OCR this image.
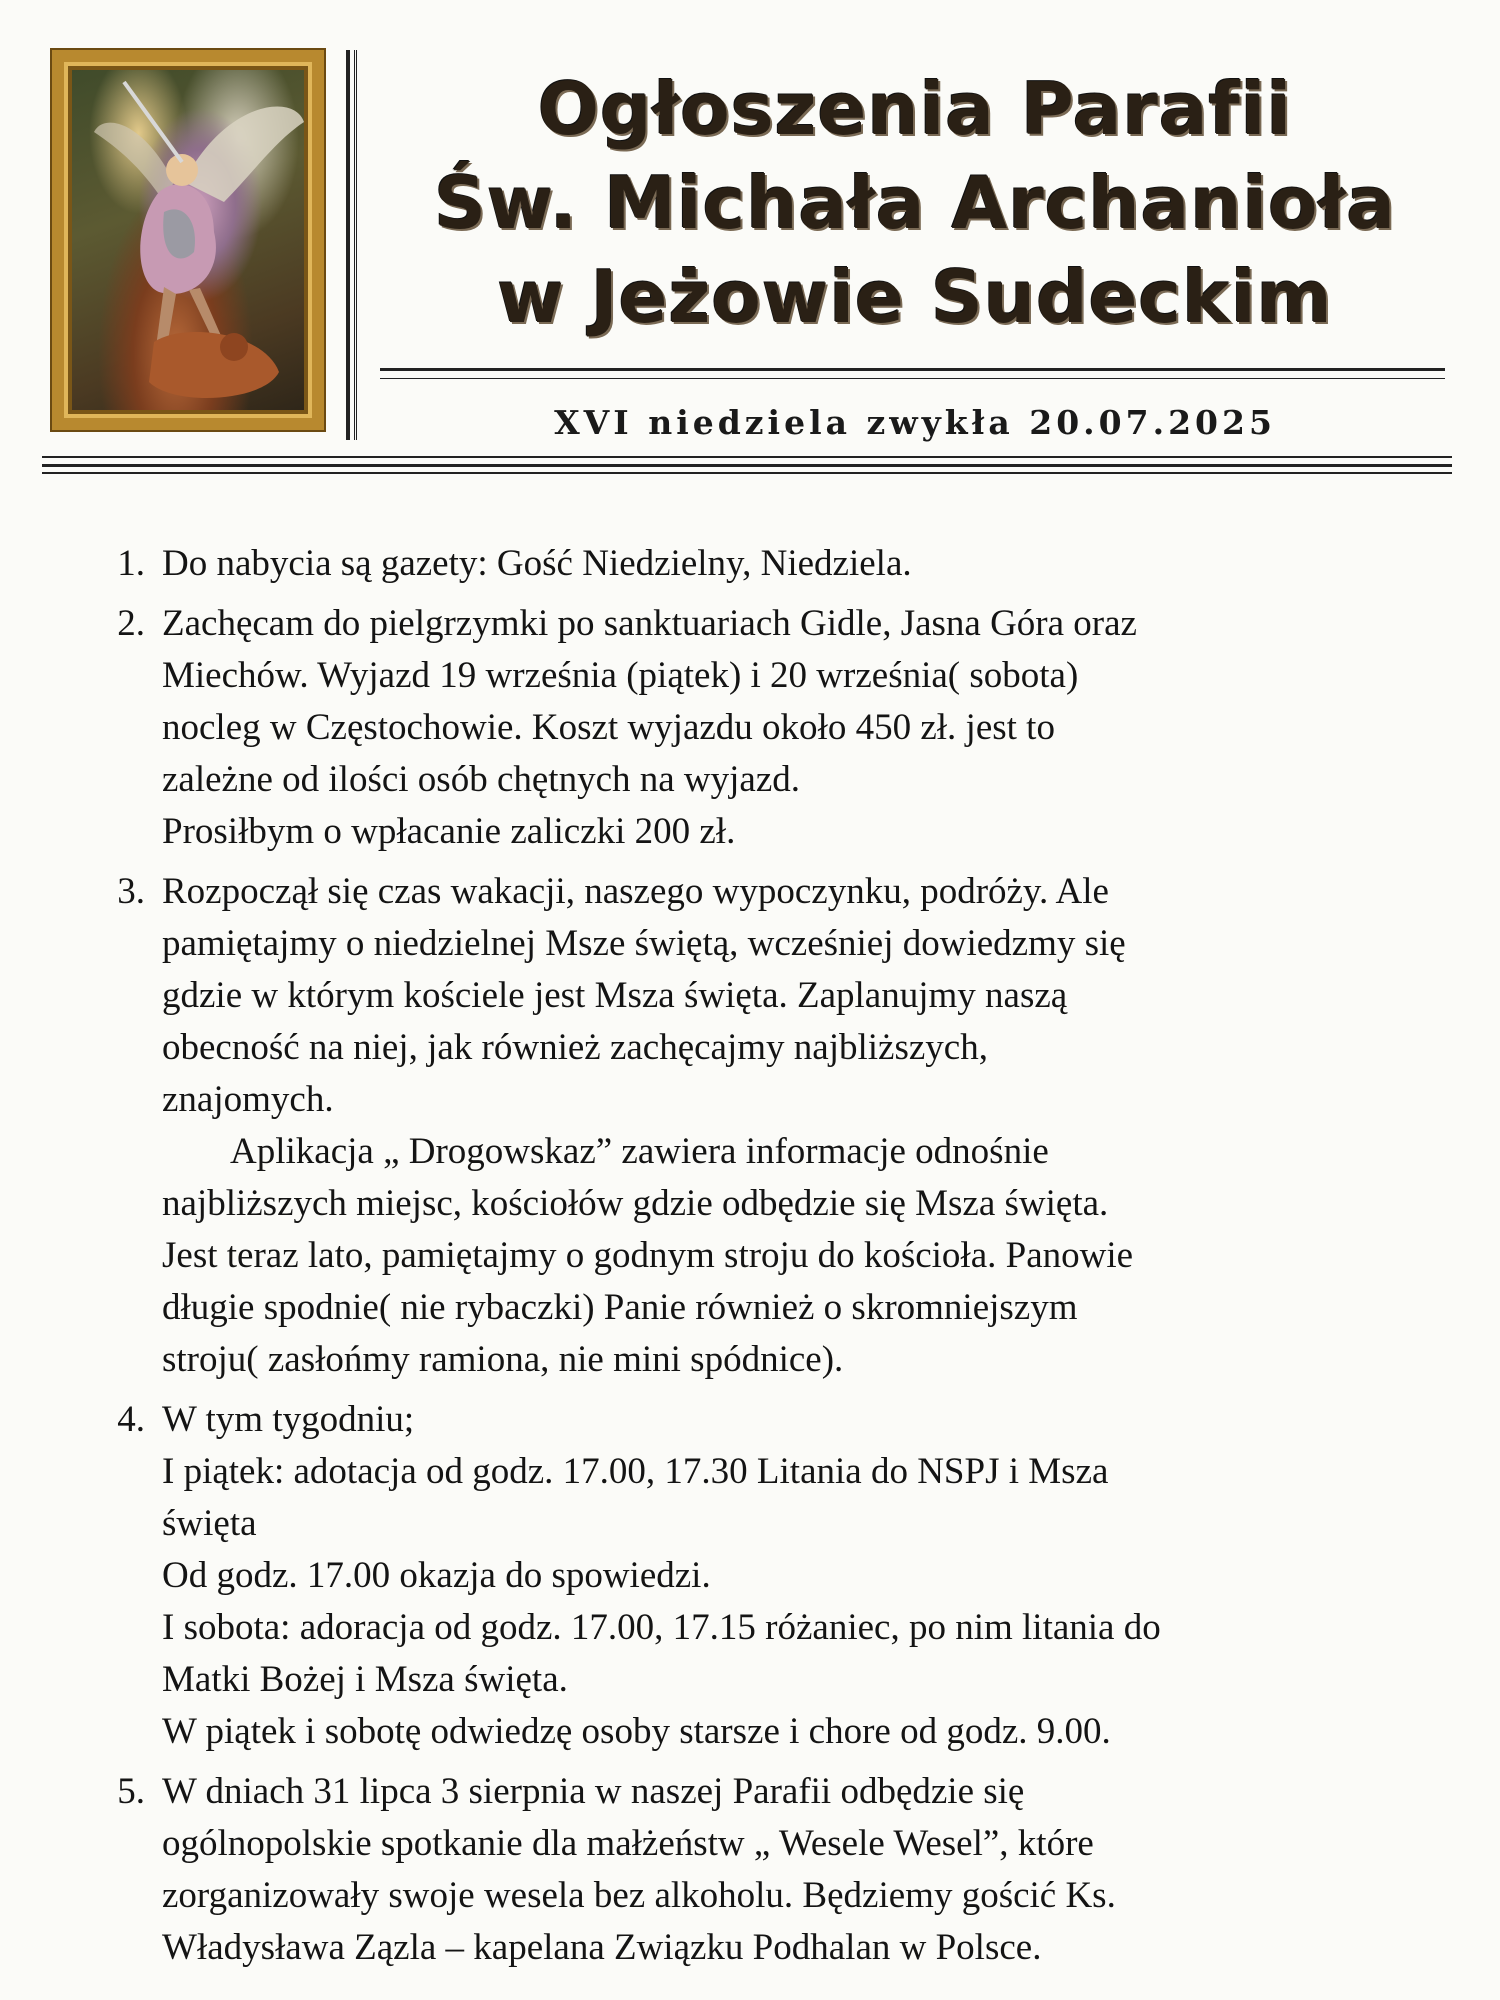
Ogłoszenia Parafii
Św. Michała Archanioła
w Jeżowie Sudeckim
XVI niedziela zwykła 20.07.2025
1. Do nabycia są gazety: Gość Niedzielny, Niedziela.
2. Zachęcam do pielgrzymki po sanktuariach Gidle, Jasna Góra oraz
Miechów. Wyjazd 19 września (piątek) i 20 września( sobota)
nocleg w Częstochowie. Koszt wyjazdu około 450 zł. jest to
zależne od ilości osób chętnych na wyjazd.
Prosiłbym o wpłacanie zaliczki 200 zł.
3. Rozpoczął się czas wakacji, naszego wypoczynku, podróży. Ale
pamiętajmy o niedzielnej Msze świętą, wcześniej dowiedzmy się
gdzie w którym kościele jest Msza święta. Zaplanujmy naszą
obecność na niej, jak również zachęcajmy najbliższych,
znajomych.
Aplikacja „ Drogowskaz” zawiera informacje odnośnie
najbliższych miejsc, kościołów gdzie odbędzie się Msza święta.
Jest teraz lato, pamiętajmy o godnym stroju do kościoła. Panowie
długie spodnie( nie rybaczki) Panie również o skromniejszym
stroju( zasłońmy ramiona, nie mini spódnice).
4. W tym tygodniu;
I piątek: adotacja od godz. 17.00, 17.30 Litania do NSPJ i Msza
święta
Od godz. 17.00 okazja do spowiedzi.
I sobota: adoracja od godz. 17.00, 17.15 różaniec, po nim litania do
Matki Bożej i Msza święta.
W piątek i sobotę odwiedzę osoby starsze i chore od godz. 9.00.
5. W dniach 31 lipca 3 sierpnia w naszej Parafii odbędzie się
ogólnopolskie spotkanie dla małżeństw „ Wesele Wesel”, które
zorganizowały swoje wesela bez alkoholu. Będziemy gościć Ks.
Władysława Zązla – kapelana Związku Podhalan w Polsce.
